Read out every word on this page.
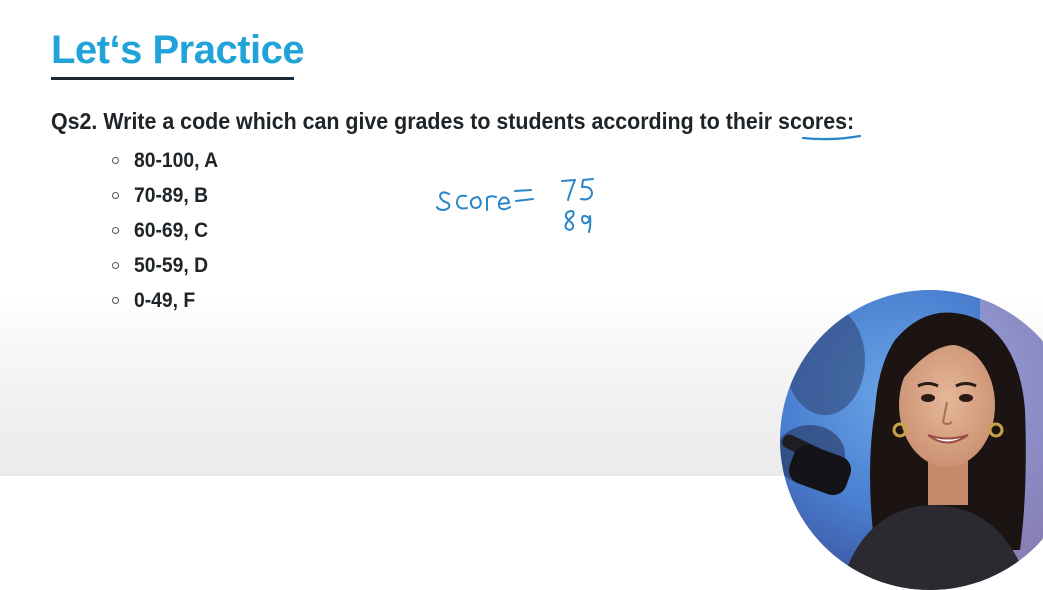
Let‘s Practice
Qs2. Write a code which can give grades to students according to their scores:
80-100, A
70-89, B
60-69, C
50-59, D
0-49, F
